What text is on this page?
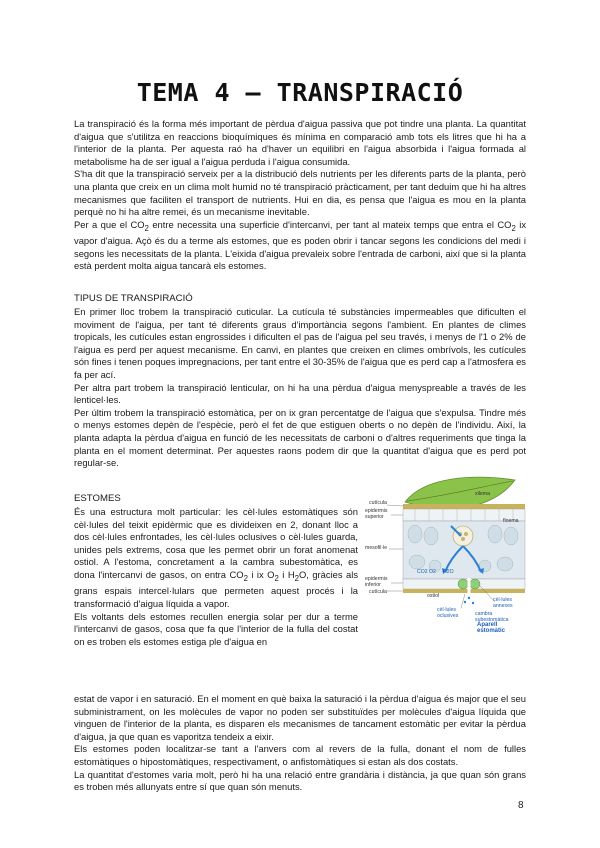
TEMA 4 – TRANSPIRACIÓ

La transpiració és la forma més important de pèrdua d'aigua passiva que pot tindre una planta. La quantitat d'aigua que s'utilitza en reaccions bioquímiques és mínima en comparació amb tots els litres que hi ha a l'interior de la planta. Per aquesta raó ha d'haver un equilibri en l'aigua absorbida i l'aigua formada al metabolisme ha de ser igual a l'aigua perduda i l'aigua consumida.

S'ha dit que la transpiració serveix per a la distribució dels nutrients per les diferents parts de la planta, però una planta que creix en un clima molt humid no té transpiració pràcticament, per tant deduim que hi ha altres mecanismes que faciliten el transport de nutrients. Hui en dia, es pensa que l'aigua es mou en la planta perquè no hi ha altre remei, és un mecanisme inevitable.

Per a que el $CO_2$ entre necessita una superficie d'intercanvi, per tant al mateix temps que entra el $CO_2$ ix vapor d'aigua. Açò és du a terme als estomes, que es poden obrir i tancar segons les condicions del medi i segons les necessitats de la planta. L'eixida d'aigua prevaleix sobre l'entrada de carboni, així que si la planta està perdent molta aigua tancarà els estomes.

TIPUS DE TRANSPIRACIÓ

En primer lloc trobem la transpiració cuticular. La cutícula té substàncies impermeables que dificulten el moviment de l'aigua, per tant té diferents graus d'importància segons l'ambient. En plantes de climes tropicals, les cutícules estan engrossides i dificulten el pas de l'aigua pel seu través, i menys de l'1 o 2% de l'aigua es perd per aquest mecanisme. En canvi, en plantes que creixen en climes ombrívols, les cutícules són fines i tenen poques impregnacions, per tant entre el 30-35% de l'aigua que es perd cap a l'atmosfera es fa per ací.

Per altra part trobem la transpiració lenticular, on hi ha una pèrdua d'aigua menyspreable a través de les lenticel·les.

Per últim trobem la transpiració estomàtica, per on ix gran percentatge de l'aigua que s'expulsa. Tindre més o menys estomes depèn de l'espècie, però el fet de que estiguen oberts o no depèn de l'individu. Així, la planta adapta la pèrdua d'aigua en funció de les necessitats de carboni o d'altres requeriments que tinga la planta en el moment determinat. Per aquestes raons podem dir que la quantitat d'aigua que es perd pot regular-se.

ESTOMES

És una estructura molt particular: les cèl·lules estomàtiques són cèl·lules del teixit epidèrmic que es divideixen en 2, donant lloc a dos cèl·lules enfrontades, les cèl·lules oclusives o cèl·lules guarda, unides pels extrems, cosa que les permet obrir un forat anomenat ostiol. A l'estoma, concretament a la cambra subestomàtica, es dona l'intercanvi de gasos, on entra $CO_2$ i ix $O_2$ i $H_2O$, gràcies als grans espais intercel·lulars que permeten aquest procés i la transformació d'aigua líquida a vapor.

Els voltants dels estomes recullen energia solar per dur a terme l'intercanvi de gasos, cosa que fa que l'interior de la fulla del costat on es troben els estomes estiga ple d'aigua en

estat de vapor i en saturació. En el moment en què baixa la saturació i la pèrdua d'aigua és major que el seu subministrament, on les molècules de vapor no poden ser substituïdes per molècules d'aigua líquida que vinguen de l'interior de la planta, es disparen els mecanismes de tancament estomàtic per evitar la pèrdua d'aigua, ja que quan es vaporitza tendeix a eixir.

Els estomes poden localitzar-se tant a l'anvers com al revers de la fulla, donant el nom de fulles estomàtiques o hipostomàtiques, respectivament, o anfistomàtiques si estan als dos costats.

La quantitat d'estomes varia molt, però hi ha una relació entre grandària i distància, ja que quan són grans es troben més allunyats entre sí que quan són menuts.

cutícula
epidermis superior
mesofil·le
epidermis inferior
cutícula
xilema
floema
ostiol
H2O
CO2 O2
cèl·lules oclusives
cèl·lules annexes
cambra subestomàtica
Aparell estomàtic
8
